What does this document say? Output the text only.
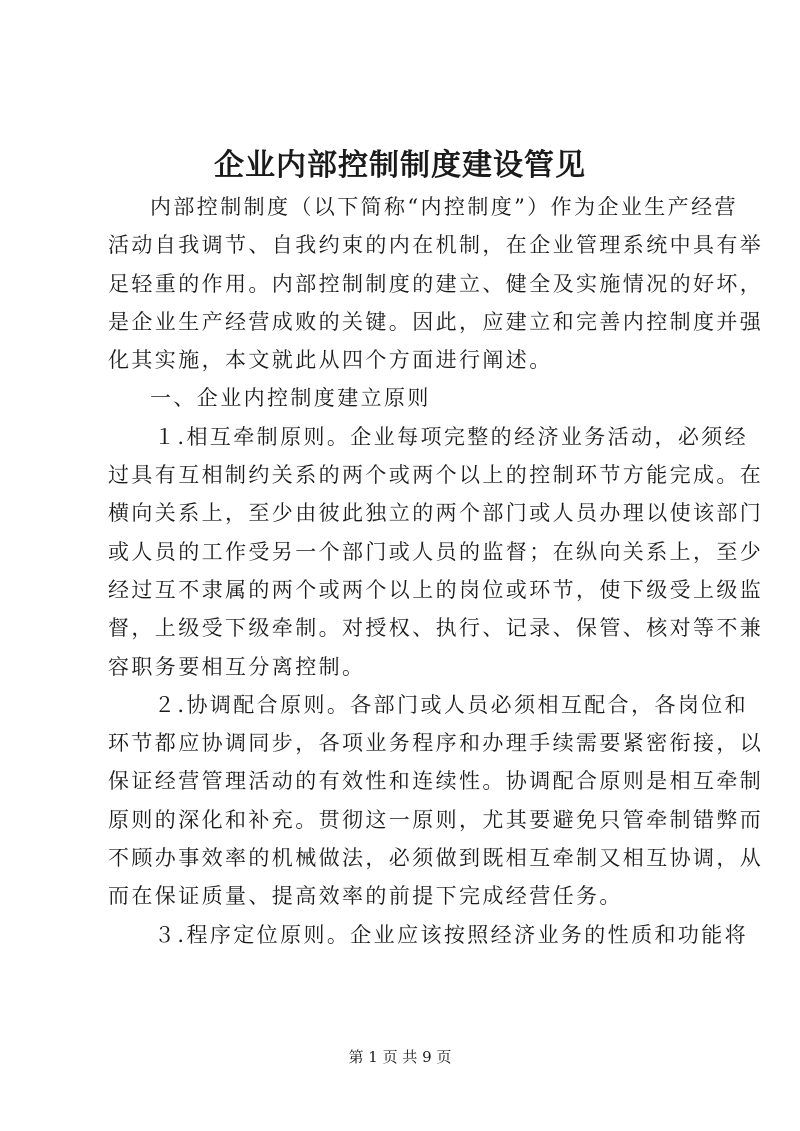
企业内部控制制度建设管见
内部控制制度（以下简称“内控制度”）作为企业生产经营
活动自我调节、自我约束的内在机制，在企业管理系统中具有举
足轻重的作用。内部控制制度的建立、健全及实施情况的好坏，
是企业生产经营成败的关键。因此，应建立和完善内控制度并强
化其实施，本文就此从四个方面进行阐述。
一、企业内控制度建立原则
１.相互牵制原则。企业每项完整的经济业务活动，必须经
过具有互相制约关系的两个或两个以上的控制环节方能完成。在
横向关系上，至少由彼此独立的两个部门或人员办理以使该部门
或人员的工作受另一个部门或人员的监督；在纵向关系上，至少
经过互不隶属的两个或两个以上的岗位或环节，使下级受上级监
督，上级受下级牵制。对授权、执行、记录、保管、核对等不兼
容职务要相互分离控制。
２.协调配合原则。各部门或人员必须相互配合，各岗位和
环节都应协调同步，各项业务程序和办理手续需要紧密衔接，以
保证经营管理活动的有效性和连续性。协调配合原则是相互牵制
原则的深化和补充。贯彻这一原则，尤其要避免只管牵制错弊而
不顾办事效率的机械做法，必须做到既相互牵制又相互协调，从
而在保证质量、提高效率的前提下完成经营任务。
３.程序定位原则。企业应该按照经济业务的性质和功能将
第 1 页 共 9 页
